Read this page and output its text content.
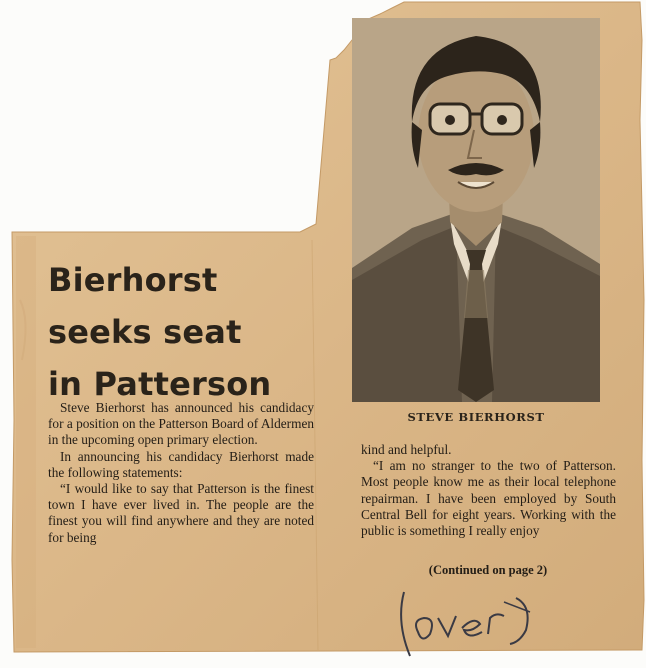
Bierhorst
seeks seat
in Patterson

STEVE BIERHORST

Steve Bierhorst has announced his candidacy for a position on the Patterson Board of Aldermen in the upcoming open primary election.

In announcing his candidacy Bierhorst made the following statements:

“I would like to say that Patterson is the finest town I have ever lived in. The people are the finest you will find anywhere and they are noted for being

kind and helpful.

“I am no stranger to the two of Patterson. Most people know me as their local telephone repairman. I have been employed by South Central Bell for eight years. Working with the public is something I really enjoy

(Continued on page 2)
